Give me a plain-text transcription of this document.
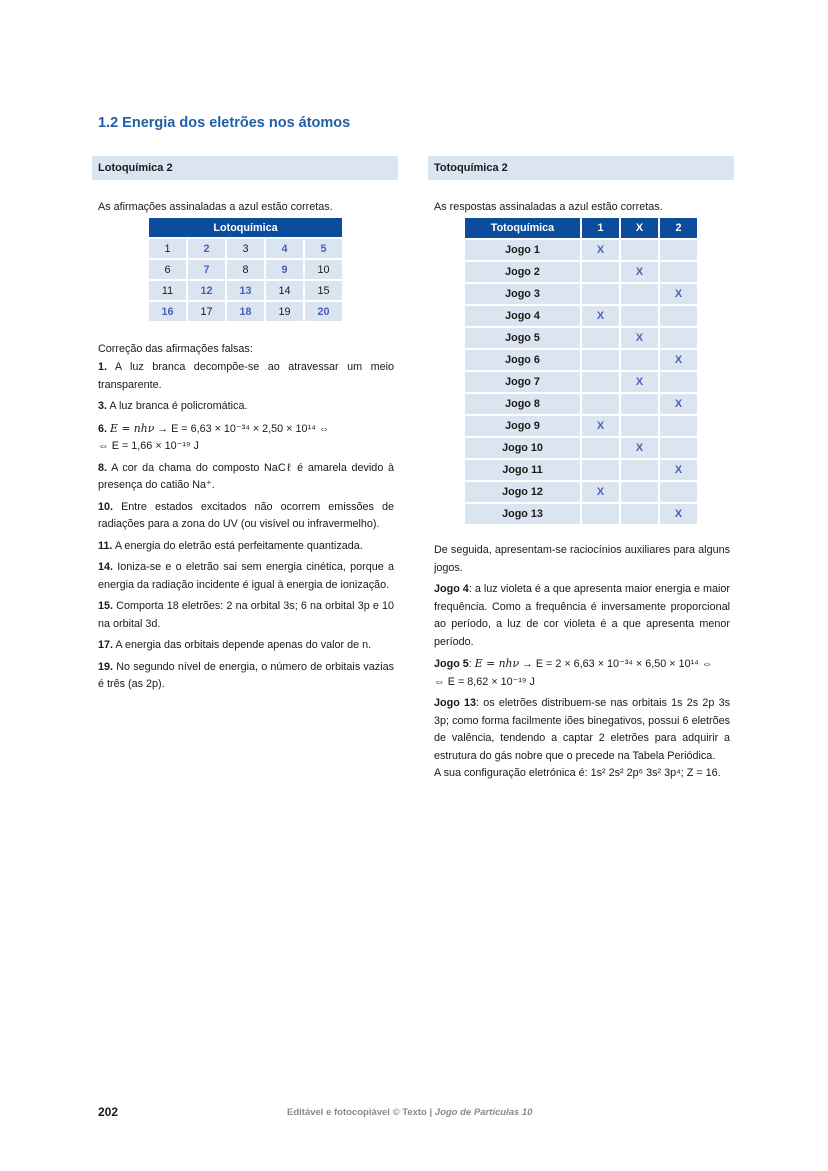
1.2 Energia dos eletrões nos átomos
Lotoquímica 2
As afirmações assinaladas a azul estão corretas.
Lotoquímica				
1	2	3	4	5
6	7	8	9	10
11	12	13	14	15
16	17	18	19	20
Correção das afirmações falsas:
1. A luz branca decompõe-se ao atravessar um meio transparente.
3. A luz branca é policromática.
6. E = nhν → E = 6,63 × 10⁻³⁴ × 2,50 × 10¹⁴ ⇔
⇔ E = 1,66 × 10⁻¹⁹ J
8. A cor da chama do composto NaCℓ é amarela devido à presença do catião Na⁺.
10. Entre estados excitados não ocorrem emissões de radiações para a zona do UV (ou visível ou infravermelho).
11. A energia do eletrão está perfeitamente quantizada.
14. Ioniza-se e o eletrão sai sem energia cinética, porque a energia da radiação incidente é igual à energia de ionização.
15. Comporta 18 eletrões: 2 na orbital 3s; 6 na orbital 3p e 10 na orbital 3d.
17. A energia das orbitais depende apenas do valor de n.
19. No segundo nível de energia, o número de orbitais vazias é três (as 2p).
Totoquímica 2
As respostas assinaladas a azul estão corretas.
Totoquímica	1	X	2
Jogo 1	X		
Jogo 2		X	
Jogo 3			X
Jogo 4	X		
Jogo 5		X	
Jogo 6			X
Jogo 7		X	
Jogo 8			X
Jogo 9	X		
Jogo 10		X	
Jogo 11			X
Jogo 12	X		
Jogo 13			X
De seguida, apresentam-se raciocínios auxiliares para alguns jogos.
Jogo 4: a luz violeta é a que apresenta maior energia e maior frequência. Como a frequência é inversamente proporcional ao período, a luz de cor violeta é a que apresenta menor período.
Jogo 5: E = nhν → E = 2 × 6,63 × 10⁻³⁴ × 6,50 × 10¹⁴ ⇔
⇔ E = 8,62 × 10⁻¹⁹ J
Jogo 13: os eletrões distribuem-se nas orbitais 1s 2s 2p 3s 3p; como forma facilmente iões binegativos, possui 6 eletrões de valência, tendendo a captar 2 eletrões para adquirir a estrutura do gás nobre que o precede na Tabela Periódica.
A sua configuração eletrónica é: 1s² 2s² 2p⁶ 3s² 3p⁴; Z = 16.
202	Editável e fotocopiável © Texto | Jogo de Partículas 10
